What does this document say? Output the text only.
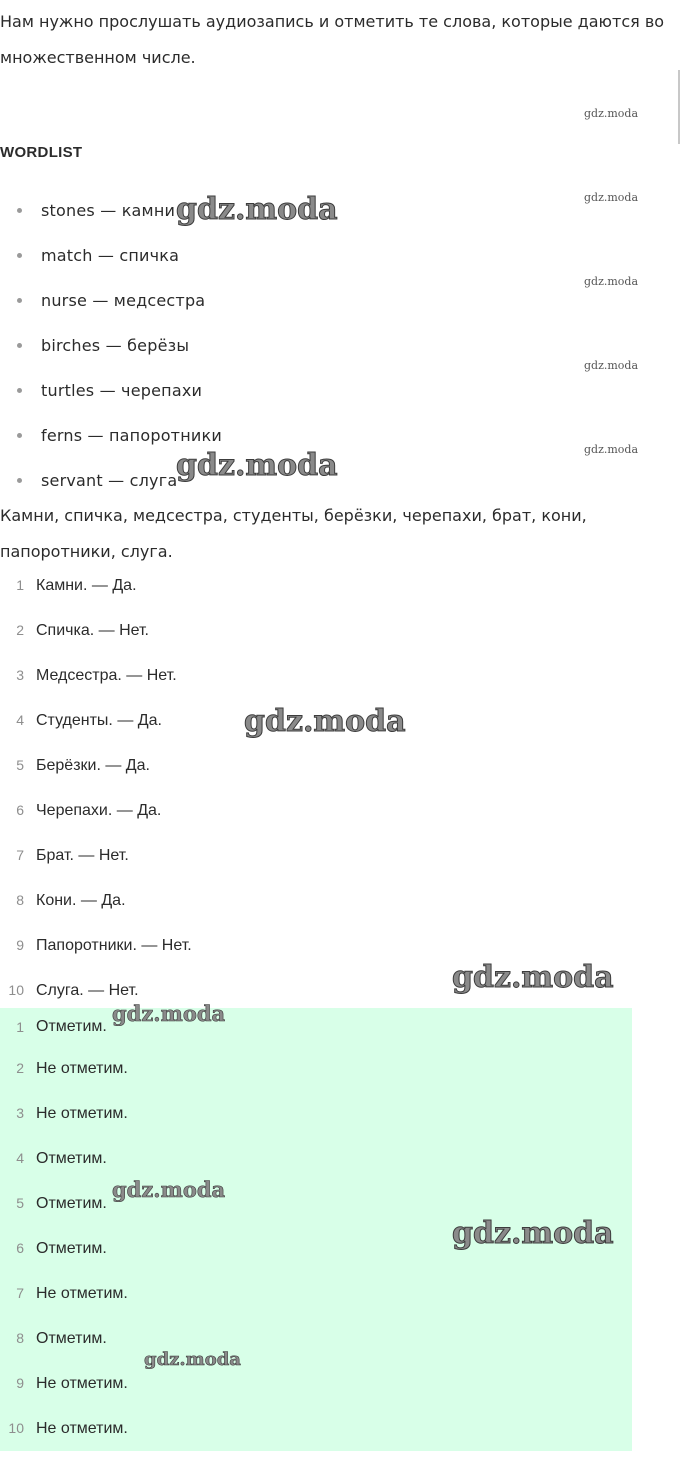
Нам нужно прослушать аудиозапись и отметить те слова, которые даются во множественном числе.
WORDLIST
stones — камни
match — спичка
nurse — медсестра
birches — берёзы
turtles — черепахи
ferns — папоротники
servant — слуга
Камни, спичка, медсестра, студенты, берёзки, черепахи, брат, кони, папоротники, слуга.
1 Камни. — Да.
2 Спичка. — Нет.
3 Медсестра. — Нет.
4 Студенты. — Да.
5 Берёзки. — Да.
6 Черепахи. — Да.
7 Брат. — Нет.
8 Кони. — Да.
9 Папоротники. — Нет.
10 Слуга. — Нет.
1 Отметим.
2 Не отметим.
3 Не отметим.
4 Отметим.
5 Отметим.
6 Отметим.
7 Не отметим.
8 Отметим.
9 Не отметим.
10 Не отметим.
gdz.moda
gdz.moda
gdz.moda
gdz.moda
gdz.moda
gdz.moda
gdz.moda
gdz.moda
gdz.moda
gdz.moda
gdz.moda
gdz.moda
gdz.moda
